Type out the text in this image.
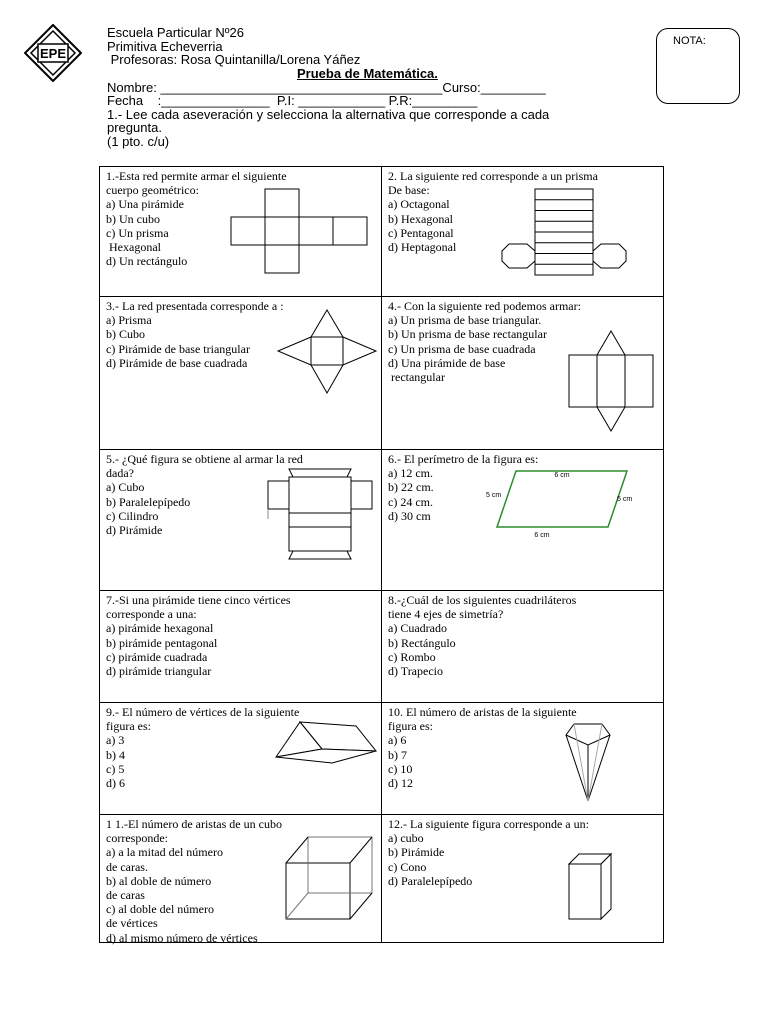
EPE
Escuela Particular Nº26
Primitiva Echeverria
Profesoras: Rosa Quintanilla/Lorena Yáñez
Prueba de Matemática.
Nombre: _______________________________________Curso:_________
Fecha    :_______________  P.I: ____________ P.R:_________
1.- Lee cada aseveración y selecciona la alternativa que corresponde a cada
pregunta.
(1 pto. c/u)
NOTA:
1.-Esta red permite armar el siguiente
cuerpo geométrico:
a) Una pirámide
b) Un cubo
c) Un prisma
Hexagonal
d) Un rectángulo
2. La siguiente red corresponde a un prisma
De base:
a) Octagonal
b) Hexagonal
c) Pentagonal
d) Heptagonal
3.- La red presentada corresponde a :
a) Prisma
b) Cubo
c) Pirámide de base triangular
d) Pirámide de base cuadrada
4.- Con la siguiente red podemos armar:
a) Un prisma de base triangular.
b) Un prisma de base rectangular
c) Un prisma de base cuadrada
d) Una pirámide de base
rectangular
5.- ¿Qué figura se obtiene al armar la red
dada?
a) Cubo
b) Paralelepípedo
c) Cilindro
d) Pirámide
6.- El perímetro de la figura es:
a) 12 cm.
b) 22 cm.
c) 24 cm.
d) 30 cm
6 cm
6 cm
5 cm
5 cm
7.-Si una pirámide tiene cinco vértices
corresponde a una:
a) pirámide hexagonal
b) pirámide pentagonal
c) pirámide cuadrada
d) pirámide triangular
8.-¿Cuál de los siguientes cuadriláteros
tiene 4 ejes de simetría?
a) Cuadrado
b) Rectángulo
c) Rombo
d) Trapecio
9.- El número de vértices de la siguiente
figura es:
a) 3
b) 4
c) 5
d) 6
10. El número de aristas de la siguiente
figura es:
a) 6
b) 7
c) 10
d) 12
1 1.-El número de aristas de un cubo
corresponde:
a) a la mitad del número
de caras.
b) al doble de número
de caras
c) al doble del número
de vértices
d) al mismo número de vértices
12.- La siguiente figura corresponde a un:
a) cubo
b) Pirámide
c) Cono
d) Paralelepípedo
